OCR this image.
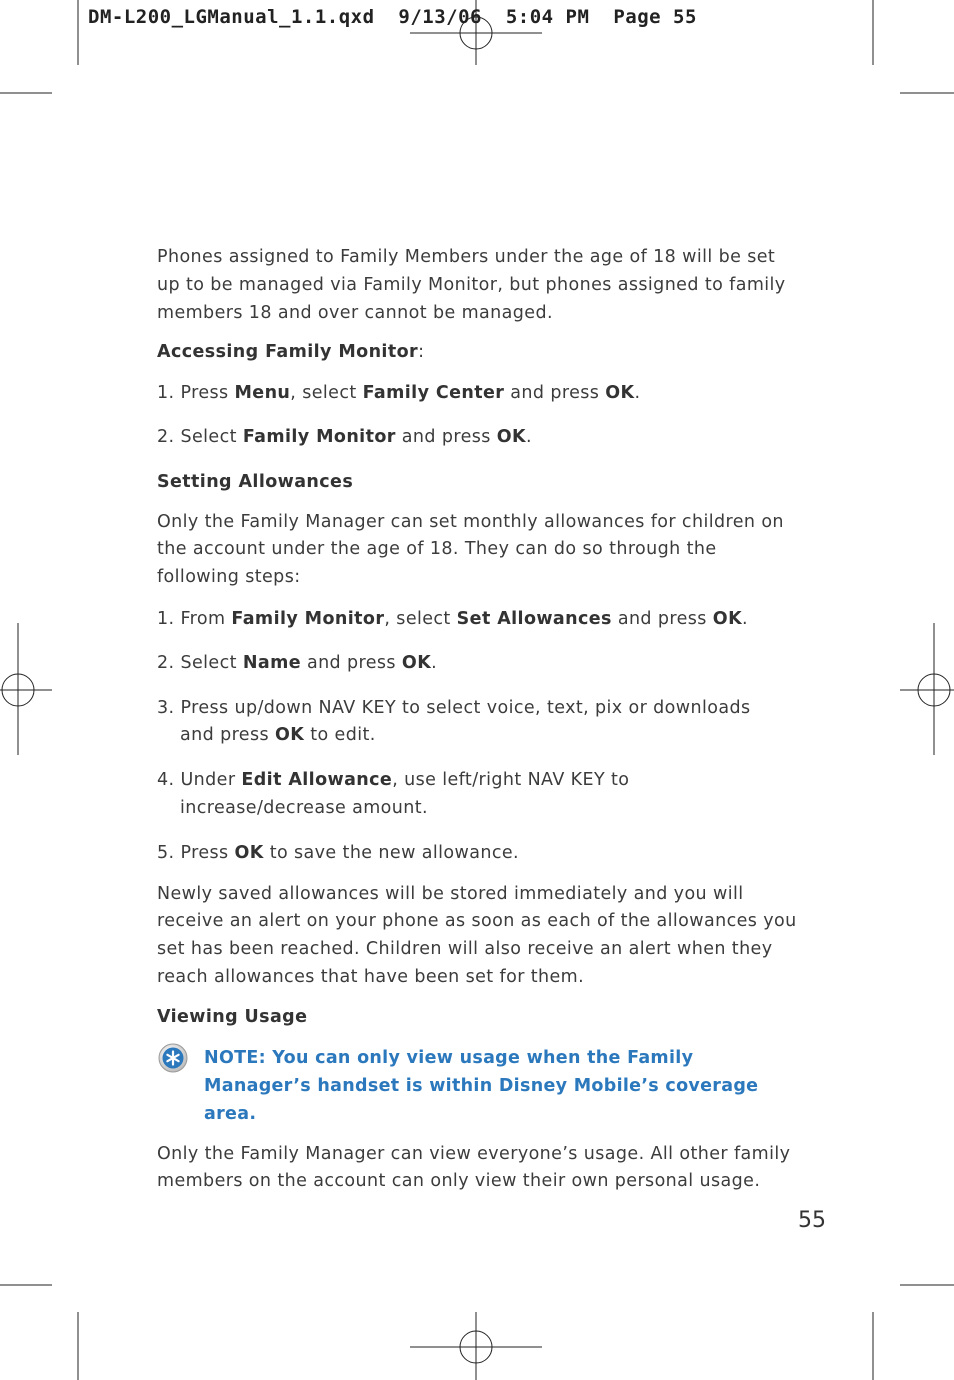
DM-L200_LGManual_1.1.qxd  9/13/06  5:04 PM  Page 55

Phones assigned to Family Members under the age of 18 will be set up to be managed via Family Monitor, but phones assigned to family members 18 and over cannot be managed.

Accessing Family Monitor:

1. Press Menu, select Family Center and press OK.

2. Select Family Monitor and press OK.

Setting Allowances

Only the Family Manager can set monthly allowances for children on the account under the age of 18. They can do so through the following steps:

1. From Family Monitor, select Set Allowances and press OK.

2. Select Name and press OK.

3. Press up/down NAV KEY to select voice, text, pix or downloads
and press OK to edit.

4. Under Edit Allowance, use left/right NAV KEY to
increase/decrease amount.

5. Press OK to save the new allowance.

Newly saved allowances will be stored immediately and you will receive an alert on your phone as soon as each of the allowances you set has been reached. Children will also receive an alert when they reach allowances that have been set for them.

Viewing Usage

NOTE: You can only view usage when the Family Manager’s handset is within Disney Mobile’s coverage area.

Only the Family Manager can view everyone’s usage. All other family members on the account can only view their own personal usage.

55
